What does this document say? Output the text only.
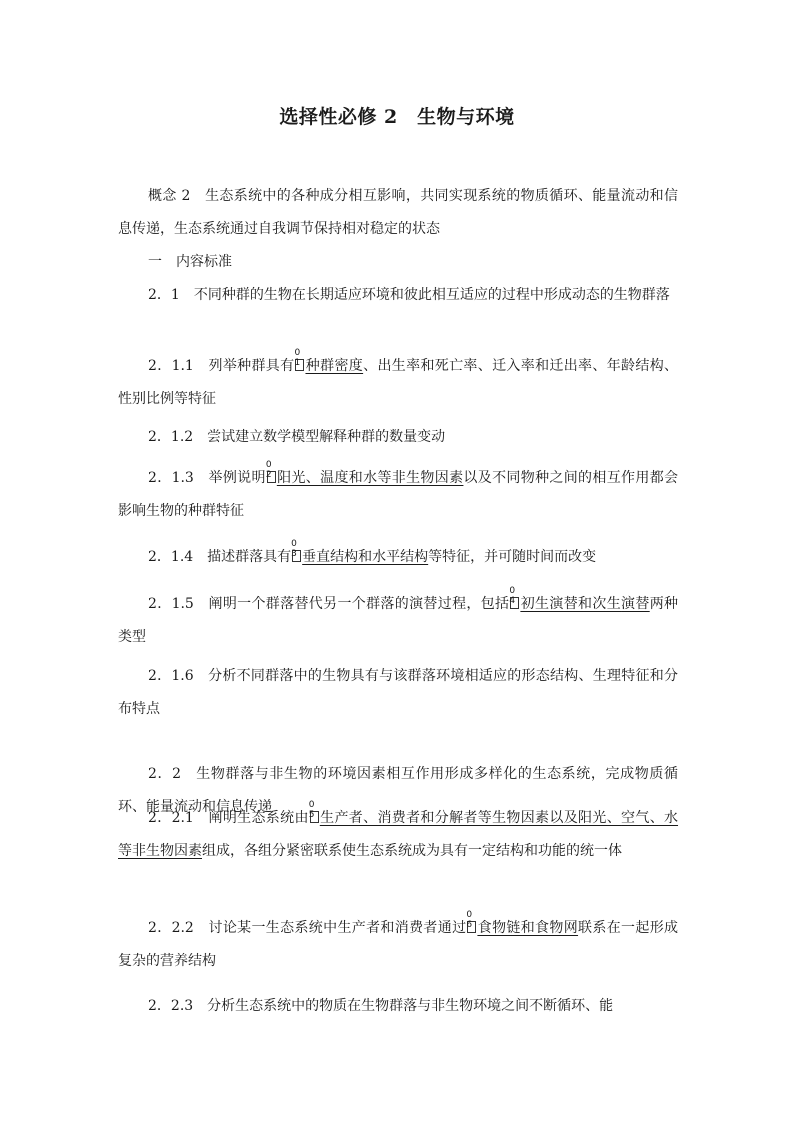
选择性必修 2　生物与环境
概念 2　生态系统中的各种成分相互影响，共同实现系统的物质循环、能量流动和信息传递，生态系统通过自我调节保持相对稳定的状态
一　内容标准
2．1　不同种群的生物在长期适应环境和彼此相互适应的过程中形成动态的生物群落
2．1.1　列举种群具有
01 种群密度、出生率和死亡率、迁入率和迁出率、年龄结构、性别比例等特征
2．1.2　尝试建立数学模型解释种群的数量变动
2．1.3　举例说明
02 阳光、温度和水等非生物因素以及不同物种之间的相互作用都会影响生物的种群特征
2．1.4　描述群落具有
03 垂直结构和水平结构等特征，并可随时间而改变
2．1.5　阐明一个群落替代另一个群落的演替过程，包括
04 初生演替和次生演替两种类型
2．1.6　分析不同群落中的生物具有与该群落环境相适应的形态结构、生理特征和分布特点
2．2　生物群落与非生物的环境因素相互作用形成多样化的生态系统，完成物质循环、能量流动和信息传递
2．2.1　阐明生态系统由
05 生产者、消费者和分解者等生物因素以及阳光、空气、水等非生物因素组成，各组分紧密联系使生态系统成为具有一定结构和功能的统一体
2．2.2　讨论某一生态系统中生产者和消费者通过
06 食物链和食物网联系在一起形成复杂的营养结构
2．2.3　分析生态系统中的物质在生物群落与非生物环境之间不断循环、能
